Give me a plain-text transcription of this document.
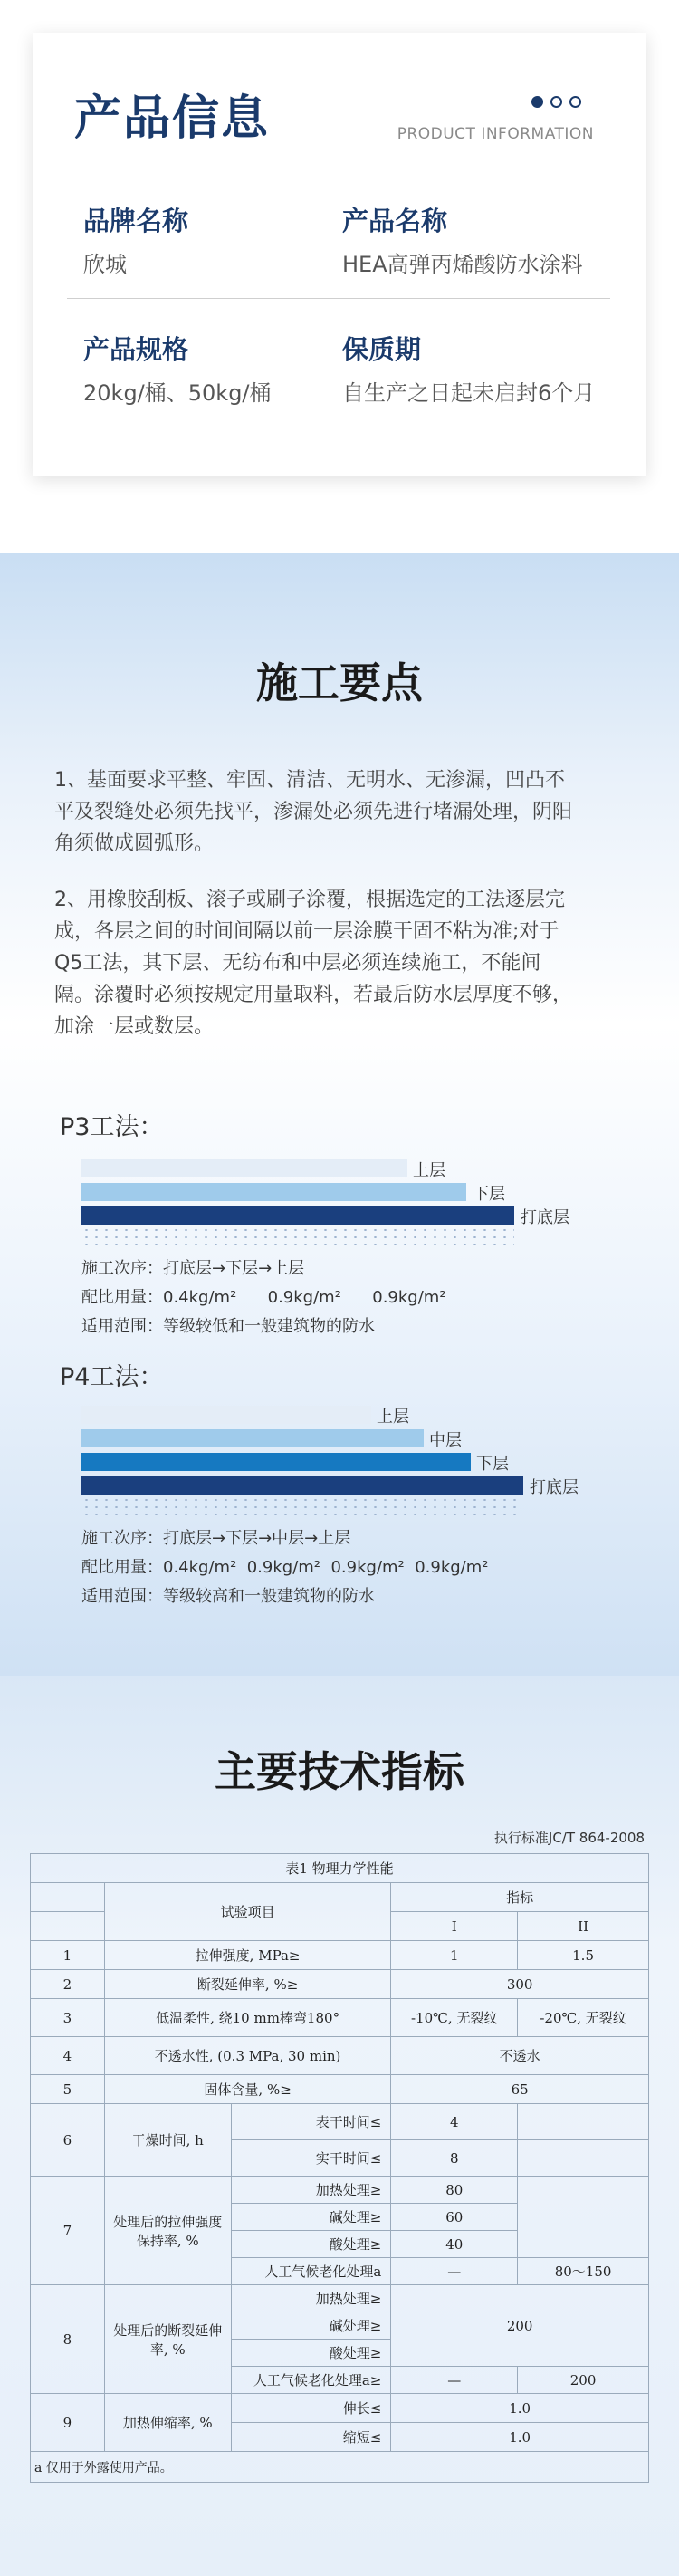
产品信息	PRODUCT INFORMATION
品牌名称
欣城
产品名称
HEA高弹丙烯酸防水涂料
产品规格
20kg/桶、50kg/桶
保质期
自生产之日起未启封6个月
施工要点
1、基面要求平整、牢固、清洁、无明水、无渗漏，凹凸不
平及裂缝处必须先找平，渗漏处必须先进行堵漏处理，阴阳
角须做成圆弧形。
2、用橡胶刮板、滚子或刷子涂覆，根据选定的工法逐层完
成，各层之间的时间间隔以前一层涂膜干固不粘为准;对于
Q5工法，其下层、无纺布和中层必须连续施工，不能间
隔。涂覆时必须按规定用量取料，若最后防水层厚度不够，
加涂一层或数层。
P3工法：
上层
下层
打底层
施工次序：打底层→下层→上层
配比用量：0.4kg/m²      0.9kg/m²      0.9kg/m²
适用范围：等级较低和一般建筑物的防水
P4工法：
上层
中层
下层
打底层
施工次序：打底层→下层→中层→上层
配比用量：0.4kg/m²  0.9kg/m²  0.9kg/m²  0.9kg/m²
适用范围：等级较高和一般建筑物的防水
主要技术指标
执行标准JC/T 864-2008
表1 物理力学性能				
	试验项目		指标	
			I	II
1	拉伸强度, MPa≥		1	1.5
2	断裂延伸率, %≥		300	
3	低温柔性, 绕10 mm棒弯180°		-10℃, 无裂纹	-20℃, 无裂纹
4	不透水性, (0.3 MPa, 30 min)		不透水	
5	固体含量, %≥		65	
6	干燥时间, h	表干时间≤	4	
		实干时间≤	8	
7	处理后的拉伸强度保持率, %	加热处理≥	80	
		碱处理≥	60	
		酸处理≥	40	
		人工气候老化处理a	—	80～150
8	处理后的断裂延伸率, %	加热处理≥	200	
		碱处理≥		
		酸处理≥		
		人工气候老化处理a≥	—	200
9	加热伸缩率, %	伸长≤	1.0	
		缩短≤	1.0	
a 仅用于外露使用产品。				
